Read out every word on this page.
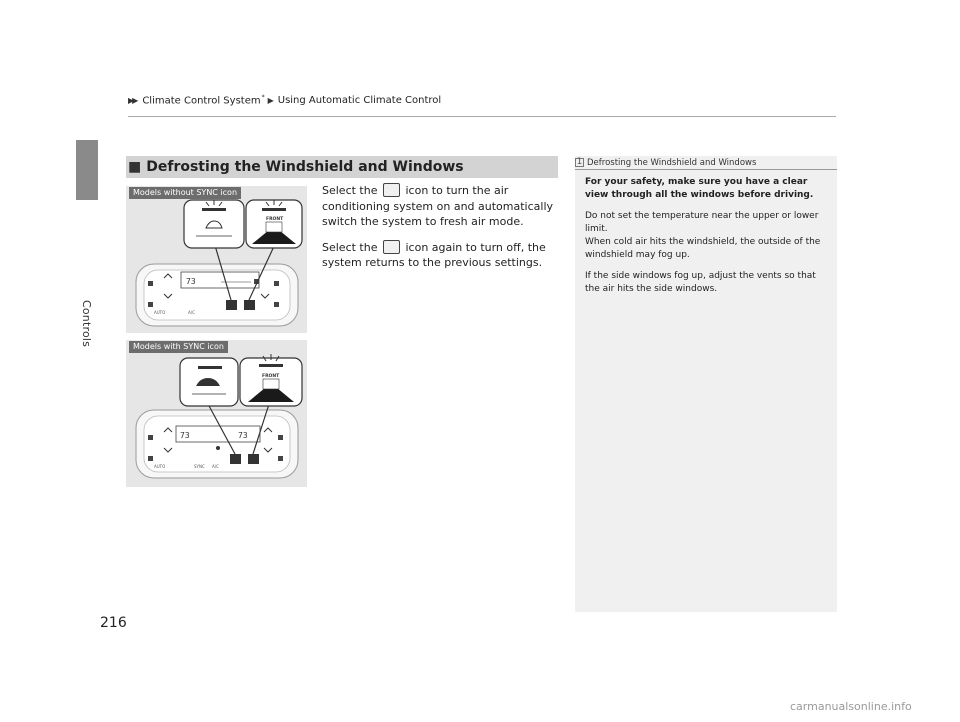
Controls
▶▶ Climate Control System* ▶ Using Automatic Climate Control
■ Defrosting the Windshield and Windows

Select the	icon to turn the air conditioning system on and automatically switch the system to fresh air mode.

Select the	icon again to turn off, the system returns to the previous settings.

73
AUTO	A/C
FRONT
Models without SYNC icon
73	73
AUTO	SYNC A/C
FRONT
Models with SYNC icon
1 Defrosting the Windshield and Windows

For your safety, make sure you have a clear view through all the windows before driving.

Do not set the temperature near the upper or lower limit.
When cold air hits the windshield, the outside of the windshield may fog up.

If the side windows fog up, adjust the vents so that the air hits the side windows.

216
carmanualsonline.info
